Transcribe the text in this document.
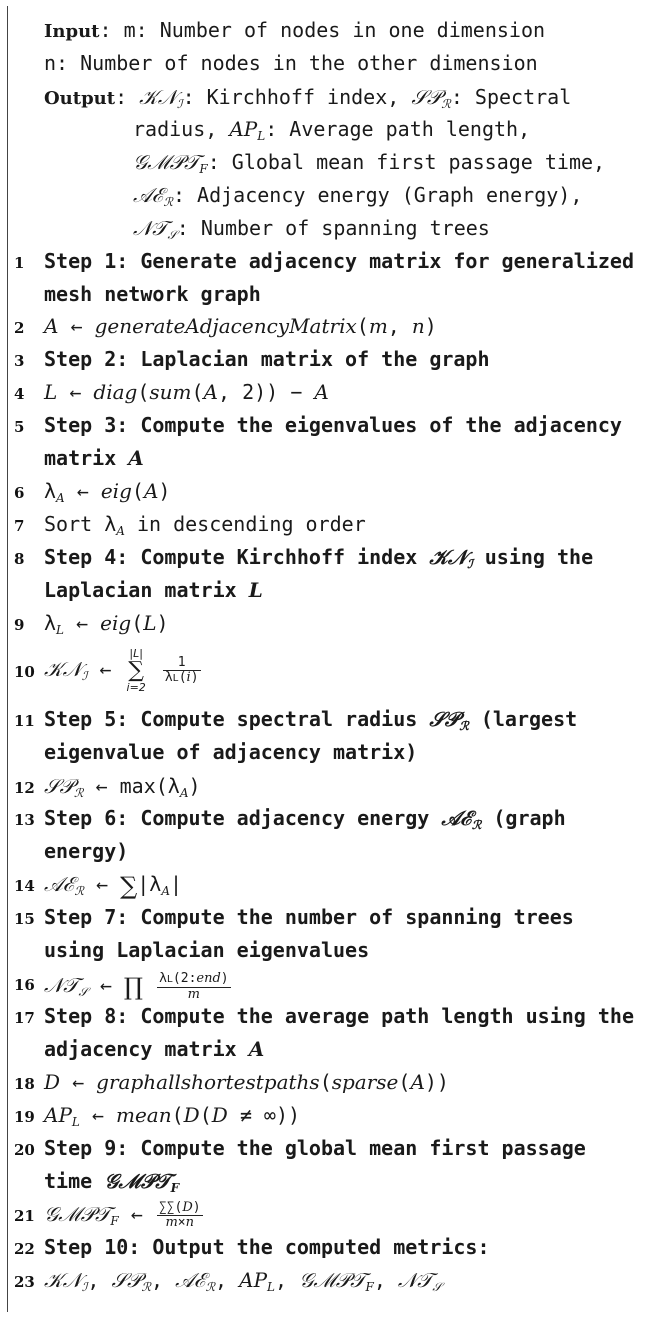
Input: m: Number of nodes in one dimension
n: Number of nodes in the other dimension
Output: 𝒦𝒩$_ℐ$: Kirchhoff index, 𝒮𝒫$_ℛ$: Spectral
radius, $AP_L$: Average path length,
𝒢ℳ𝒫𝒯$_F$: Global mean first passage time,
𝒜ℰ$_ℛ$: Adjacency energy (Graph energy),
𝒩𝒯$_𝒮$: Number of spanning trees
1 Step 1: Generate adjacency matrix for generalized
mesh network graph
2 A ← generateAdjacencyMatrix(m, n)
3 Step 2: Laplacian matrix of the graph
4 L ← diag(sum(A, 2)) − A
5 Step 3: Compute the eigenvalues of the adjacency
matrix A
6 $\lambda_A$ ← eig(A)
7 Sort $\lambda_A$ in descending order
8 Step 4: Compute Kirchhoff index 𝒦𝒩$_ℐ$ using the
Laplacian matrix L
9 $\lambda_L$ ← eig(L)
10 𝒦𝒩$_ℐ$ ←
|L|
∑
i=2

$\frac{1}{\lambda L(i)}$
11 Step 5: Compute spectral radius 𝒮𝒫$_ℛ$ (largest
eigenvalue of adjacency matrix)
12 𝒮𝒫$_ℛ$ ← $\max(\lambda_A)$
13 Step 6: Compute adjacency energy 𝒜ℰ$_ℛ$ (graph
energy)
14 𝒜ℰ$_ℛ$ ← $\sum|\lambda_A|$
15 Step 7: Compute the number of spanning trees
using Laplacian eigenvalues
16 𝒩𝒯$_𝒮$ ← ∏ $\frac{\text{λL(2:end)}}{m}$
17 Step 8: Compute the average path length using the
adjacency matrix A
18 D ← graphallshortestpaths(sparse(A))
19 $AP_L$ ← mean(D(D ≠ ∞))
20 Step 9: Compute the global mean first passage
time 𝒢ℳ𝒫𝒯$_F$
21 𝒢ℳ𝒫𝒯$_F$ ← $\frac{\sum\sum(D)}{m\times n}$
22 Step 10: Output the computed metrics:
23 𝒦𝒩$_ℐ$, 𝒮𝒫$_ℛ$, 𝒜ℰ$_ℛ$, $AP_L$, 𝒢ℳ𝒫𝒯$_F$, 𝒩𝒯$_𝒮$
